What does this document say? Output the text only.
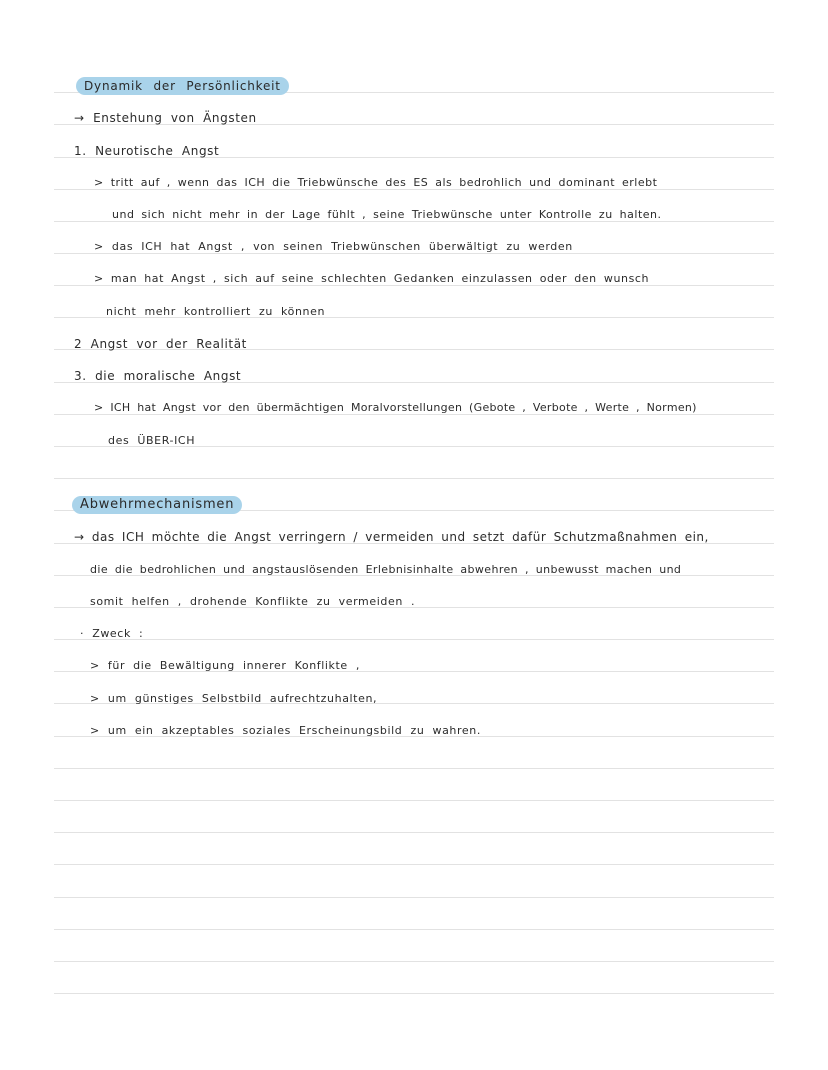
Dynamik der Persönlichkeit
→ Enstehung von Ängsten
1. Neurotische Angst
> tritt auf , wenn das ICH die Triebwünsche des ES als bedrohlich und dominant erlebt
und sich nicht mehr in der Lage fühlt , seine Triebwünsche unter Kontrolle zu halten.
> das ICH hat Angst , von seinen Triebwünschen überwältigt zu werden
> man hat Angst , sich auf seine schlechten Gedanken einzulassen oder den wunsch
nicht mehr kontrolliert zu können
2 Angst vor der Realität
3. die moralische Angst
> ICH hat Angst vor den übermächtigen Moralvorstellungen (Gebote , Verbote , Werte , Normen)
des ÜBER-ICH
Abwehrmechanismen
→ das ICH möchte die Angst verringern / vermeiden und setzt dafür Schutzmaßnahmen ein,
die die bedrohlichen und angstauslösenden Erlebnisinhalte abwehren , unbewusst machen und
somit helfen , drohende Konflikte zu vermeiden .
· Zweck :
> für die Bewältigung innerer Konflikte ,
> um günstiges Selbstbild aufrechtzuhalten,
> um ein akzeptables soziales Erscheinungsbild zu wahren.
